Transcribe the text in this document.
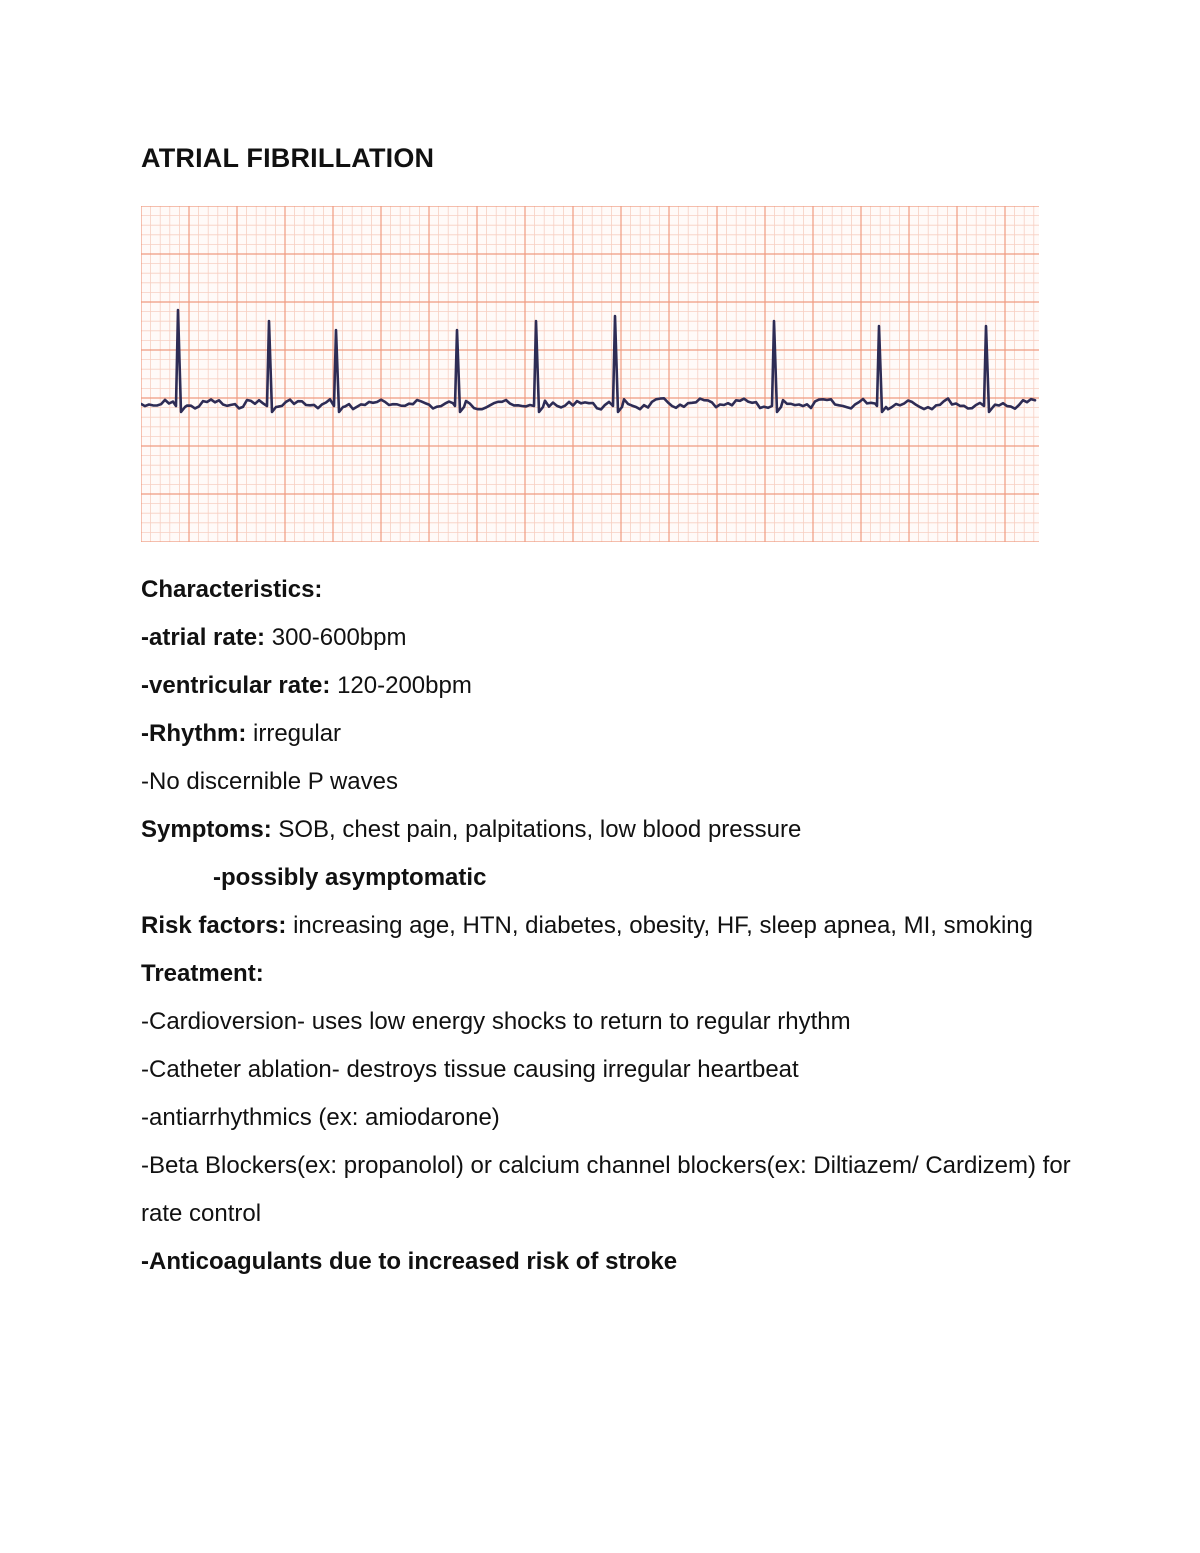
ATRIAL FIBRILLATION
Characteristics:
-atrial rate: 300-600bpm
-ventricular rate: 120-200bpm
-Rhythm: irregular
-No discernible P waves
Symptoms: SOB, chest pain, palpitations, low blood pressure
-possibly asymptomatic
Risk factors: increasing age, HTN, diabetes, obesity, HF, sleep apnea, MI, smoking
Treatment:
-Cardioversion- uses low energy shocks to return to regular rhythm
-Catheter ablation- destroys tissue causing irregular heartbeat
-antiarrhythmics (ex: amiodarone)
-Beta Blockers(ex: propanolol) or calcium channel blockers(ex: Diltiazem/ Cardizem) for rate control
-Anticoagulants due to increased risk of stroke
